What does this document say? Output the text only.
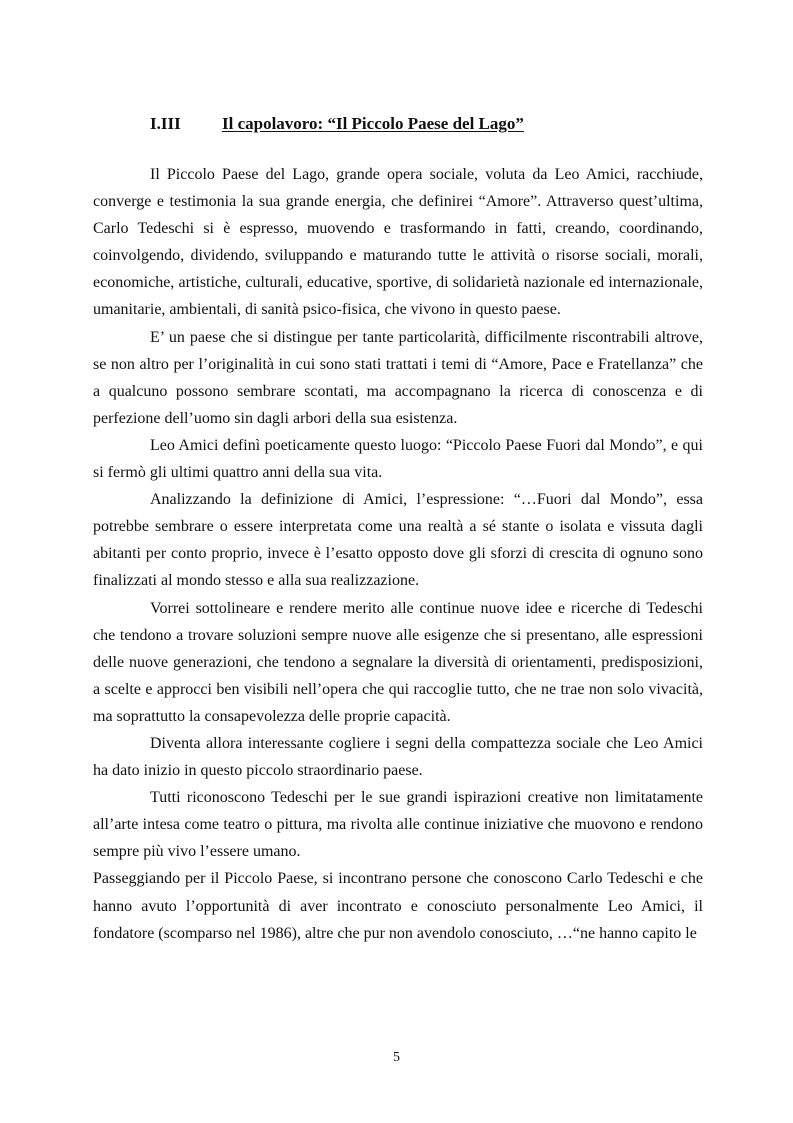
I.III Il capolavoro: “Il Piccolo Paese del Lago”

Il Piccolo Paese del Lago, grande opera sociale, voluta da Leo Amici, racchiude, converge e testimonia la sua grande energia, che definirei “Amore”. Attraverso quest’ultima, Carlo Tedeschi si è espresso, muovendo e trasformando in fatti, creando, coordinando, coinvolgendo, dividendo, sviluppando e maturando tutte le attività o risorse sociali, morali, economiche, artistiche, culturali, educative, sportive, di solidarietà nazionale ed internazionale, umanitarie, ambientali, di sanità psico-fisica, che vivono in questo paese.

E’ un paese che si distingue per tante particolarità, difficilmente riscontrabili altrove, se non altro per l’originalità in cui sono stati trattati i temi di “Amore, Pace e Fratellanza” che a qualcuno possono sembrare scontati, ma accompagnano la ricerca di conoscenza e di perfezione dell’uomo sin dagli arbori della sua esistenza.

Leo Amici definì poeticamente questo luogo: “Piccolo Paese Fuori dal Mondo”, e qui si fermò gli ultimi quattro anni della sua vita.

Analizzando la definizione di Amici, l’espressione: “…Fuori dal Mondo”, essa potrebbe sembrare o essere interpretata come una realtà a sé stante o isolata e vissuta dagli abitanti per conto proprio, invece è l’esatto opposto dove gli sforzi di crescita di ognuno sono finalizzati al mondo stesso e alla sua realizzazione.

Vorrei sottolineare e rendere merito alle continue nuove idee e ricerche di Tedeschi che tendono a trovare soluzioni sempre nuove alle esigenze che si presentano, alle espressioni delle nuove generazioni, che tendono a segnalare la diversità di orientamenti, predisposizioni, a scelte e approcci ben visibili nell’opera che qui raccoglie tutto, che ne trae non solo vivacità, ma soprattutto la consapevolezza delle proprie capacità.

Diventa allora interessante cogliere i segni della compattezza sociale che Leo Amici ha dato inizio in questo piccolo straordinario paese.

Tutti riconoscono Tedeschi per le sue grandi ispirazioni creative non limitatamente all’arte intesa come teatro o pittura, ma rivolta alle continue iniziative che muovono e rendono sempre più vivo l’essere umano.

Passeggiando per il Piccolo Paese, si incontrano persone che conoscono Carlo Tedeschi e che hanno avuto l’opportunità di aver incontrato e conosciuto personalmente Leo Amici, il fondatore (scomparso nel 1986), altre che pur non avendolo conosciuto, …“ne hanno capito le

5
